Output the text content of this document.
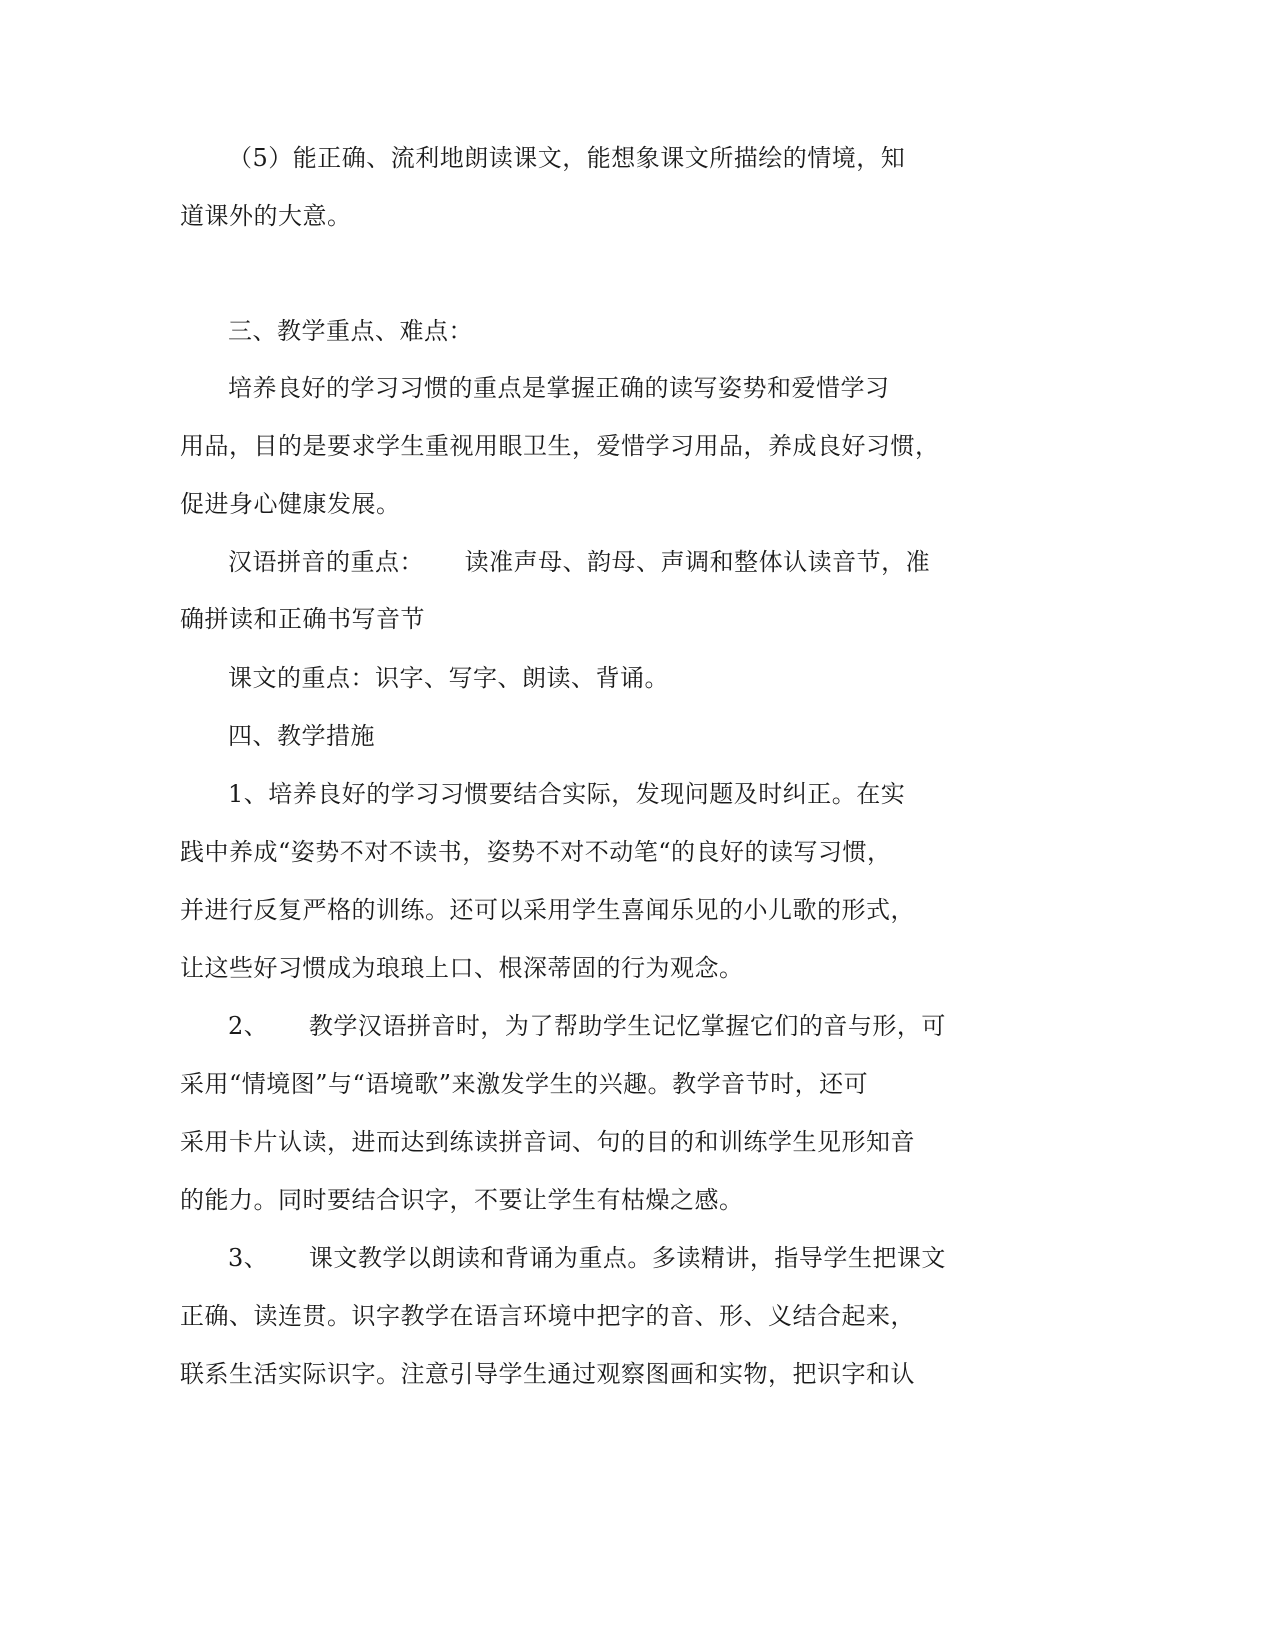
（5）能正确、流利地朗读课文，能想象课文所描绘的情境，知
道课外的大意。
三、教学重点、难点：
培养良好的学习习惯的重点是掌握正确的读写姿势和爱惜学习
用品，目的是要求学生重视用眼卫生，爱惜学习用品，养成良好习惯，
促进身心健康发展。
汉语拼音的重点：     读准声母、韵母、声调和整体认读音节，准
确拼读和正确书写音节
课文的重点：识字、写字、朗读、背诵。
四、教学措施
1、培养良好的学习习惯要结合实际，发现问题及时纠正。在实
践中养成“姿势不对不读书，姿势不对不动笔“的良好的读写习惯，
并进行反复严格的训练。还可以采用学生喜闻乐见的小儿歌的形式，
让这些好习惯成为琅琅上口、根深蒂固的行为观念。
2、     教学汉语拼音时，为了帮助学生记忆掌握它们的音与形，可
采用“情境图”与“语境歌”来激发学生的兴趣。教学音节时，还可
采用卡片认读，进而达到练读拼音词、句的目的和训练学生见形知音
的能力。同时要结合识字，不要让学生有枯燥之感。
3、     课文教学以朗读和背诵为重点。多读精讲，指导学生把课文
正确、读连贯。识字教学在语言环境中把字的音、形、义结合起来，
联系生活实际识字。注意引导学生通过观察图画和实物，把识字和认
